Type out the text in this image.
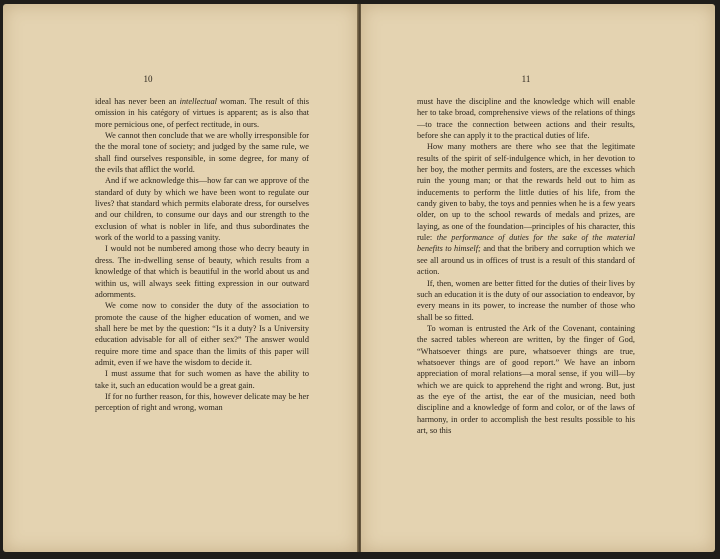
10

ideal has never been an intellectual woman. The result of this omission in his catégory of virtues is apparent; as is also that more pernicious one, of perfect rectitude, in ours.

We cannot then conclude that we are wholly irresponsible for the the moral tone of society; and judged by the same rule, we shall find ourselves responsible, in some degree, for many of the evils that afflict the world.

And if we acknowledge this—how far can we approve of the standard of duty by which we have been wont to regulate our lives? that standard which permits elaborate dress, for ourselves and our children, to consume our days and our strength to the exclusion of what is nobler in life, and thus subordinates the work of the world to a passing vanity.

I would not be numbered among those who decry beauty in dress. The in-dwelling sense of beauty, which results from a knowledge of that which is beautiful in the world about us and within us, will always seek fitting expression in our outward adornments.

We come now to consider the duty of the association to promote the cause of the higher education of women, and we shall here be met by the question: “Is it a duty? Is a University education advisable for all of either sex?” The answer would require more time and space than the limits of this paper will admit, even if we have the wisdom to decide it.

I must assume that for such women as have the ability to take it, such an education would be a great gain.

If for no further reason, for this, however delicate may be her perception of right and wrong, woman

11

must have the discipline and the knowledge which will enable her to take broad, comprehensive views of the relations of things—to trace the connection between actions and their results, before she can apply it to the practical duties of life.

How many mothers are there who see that the legitimate results of the spirit of self-indulgence which, in her devotion to her boy, the mother permits and fosters, are the excesses which ruin the young man; or that the rewards held out to him as inducements to perform the little duties of his life, from the candy given to baby, the toys and pennies when he is a few years older, on up to the school rewards of medals and prizes, are laying, as one of the foundation—principles of his character, this rule: the performance of duties for the sake of the material benefits to himself; and that the bribery and corruption which we see all around us in offices of trust is a result of this standard of action.

If, then, women are better fitted for the duties of their lives by such an education it is the duty of our association to endeavor, by every means in its power, to increase the number of those who shall be so fitted.

To woman is entrusted the Ark of the Covenant, containing the sacred tables whereon are written, by the finger of God, “Whatsoever things are pure, whatsoever things are true, whatsoever things are of good report.” We have an inborn appreciation of moral relations—a moral sense, if you will—by which we are quick to apprehend the right and wrong. But, just as the eye of the artist, the ear of the musician, need both discipline and a knowledge of form and color, or of the laws of harmony, in order to accomplish the best results possible to his art, so this
